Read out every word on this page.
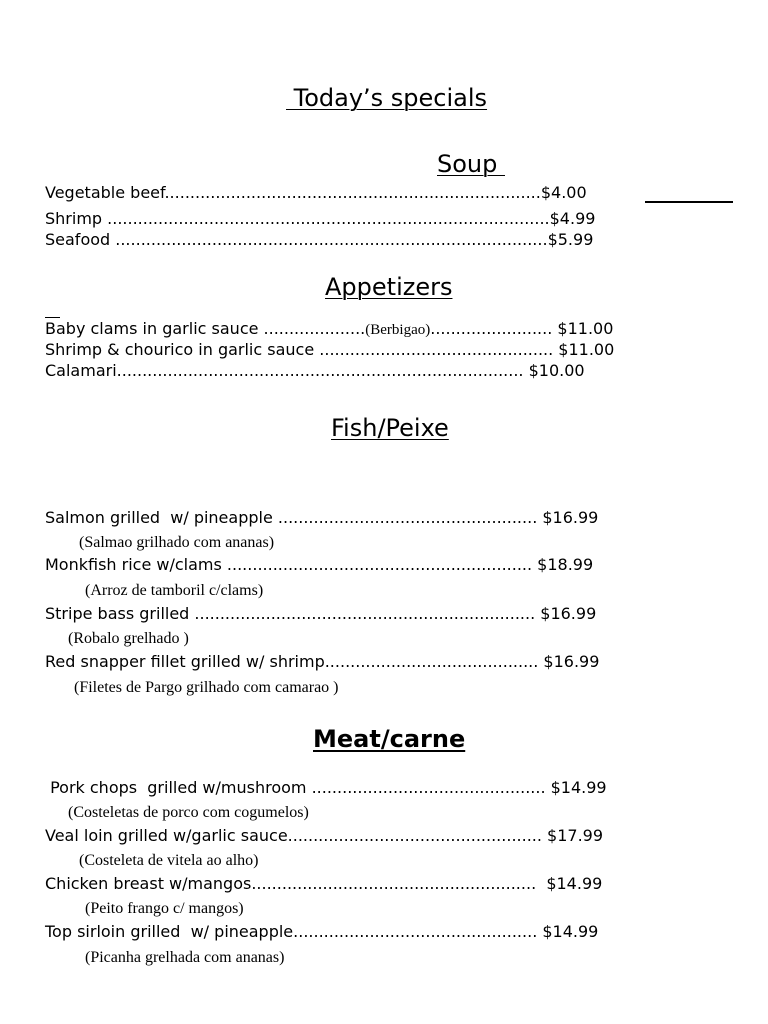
Today’s specials
Soup
Vegetable beef..........................................................................$4.00
Shrimp .......................................................................................$4.99
Seafood .....................................................................................$5.99
Appetizers
Baby clams in garlic sauce ....................(Berbigao)........................ $11.00
Shrimp & chourico in garlic sauce .............................................. $11.00
Calamari................................................................................ $10.00
Fish/Peixe
Salmon grilled  w/ pineapple ................................................... $16.99
(Salmao grilhado com ananas)
Monkfish rice w/clams ............................................................ $18.99
(Arroz de tamboril c/clams)
Stripe bass grilled ................................................................... $16.99
(Robalo grelhado )
Red snapper fillet grilled w/ shrimp.......................................... $16.99
(Filetes de Pargo grilhado com camarao )
Meat/carne
Pork chops  grilled w/mushroom .............................................. $14.99
(Costeletas de porco com cogumelos)
Veal loin grilled w/garlic sauce.................................................. $17.99
(Costeleta de vitela ao alho)
Chicken breast w/mangos........................................................  $14.99
(Peito frango c/ mangos)
Top sirloin grilled  w/ pineapple................................................ $14.99
(Picanha grelhada com ananas)
